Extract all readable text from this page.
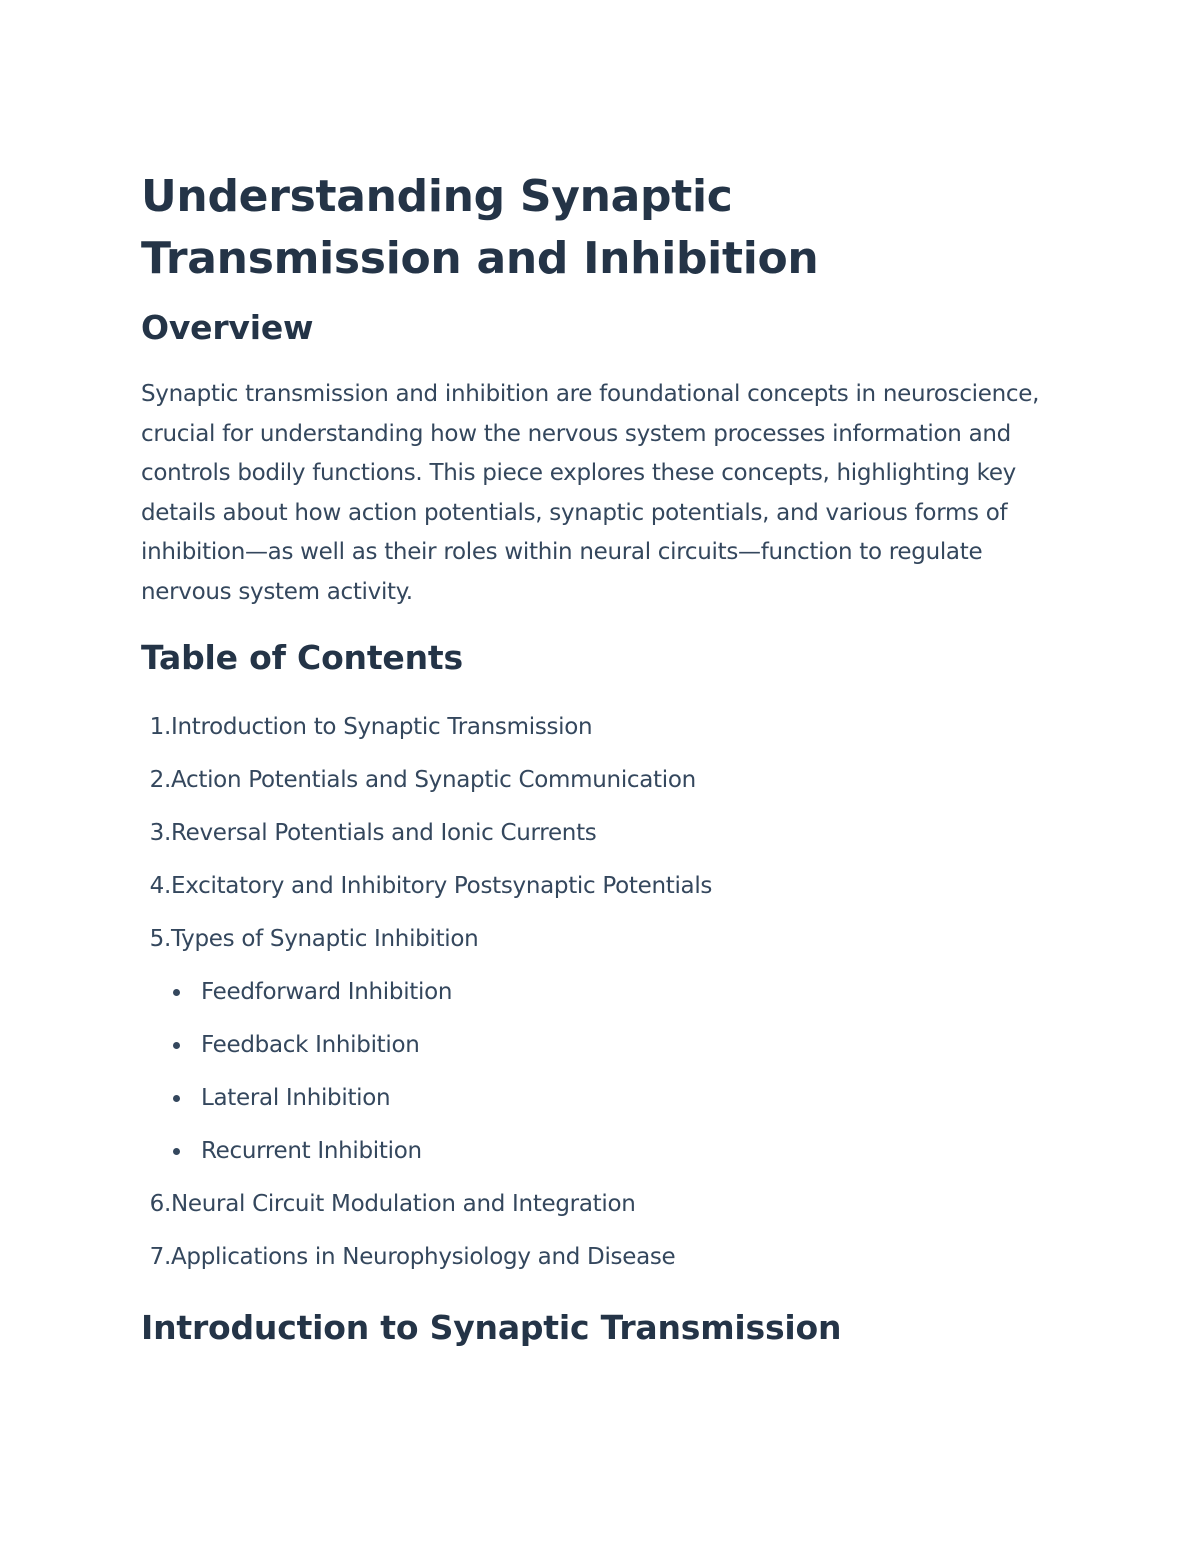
Understanding Synaptic Transmission and Inhibition
Overview

Synaptic transmission and inhibition are foundational concepts in neuroscience, crucial for understanding how the nervous system processes information and controls bodily functions. This piece explores these concepts, highlighting key details about how action potentials, synaptic potentials, and various forms of inhibition—as well as their roles within neural circuits—function to regulate nervous system activity.

Table of Contents
1. Introduction to Synaptic Transmission
2. Action Potentials and Synaptic Communication
3. Reversal Potentials and Ionic Currents
4. Excitatory and Inhibitory Postsynaptic Potentials
5. Types of Synaptic Inhibition
Feedforward Inhibition
Feedback Inhibition
Lateral Inhibition
Recurrent Inhibition
6. Neural Circuit Modulation and Integration
7. Applications in Neurophysiology and Disease
Introduction to Synaptic Transmission
